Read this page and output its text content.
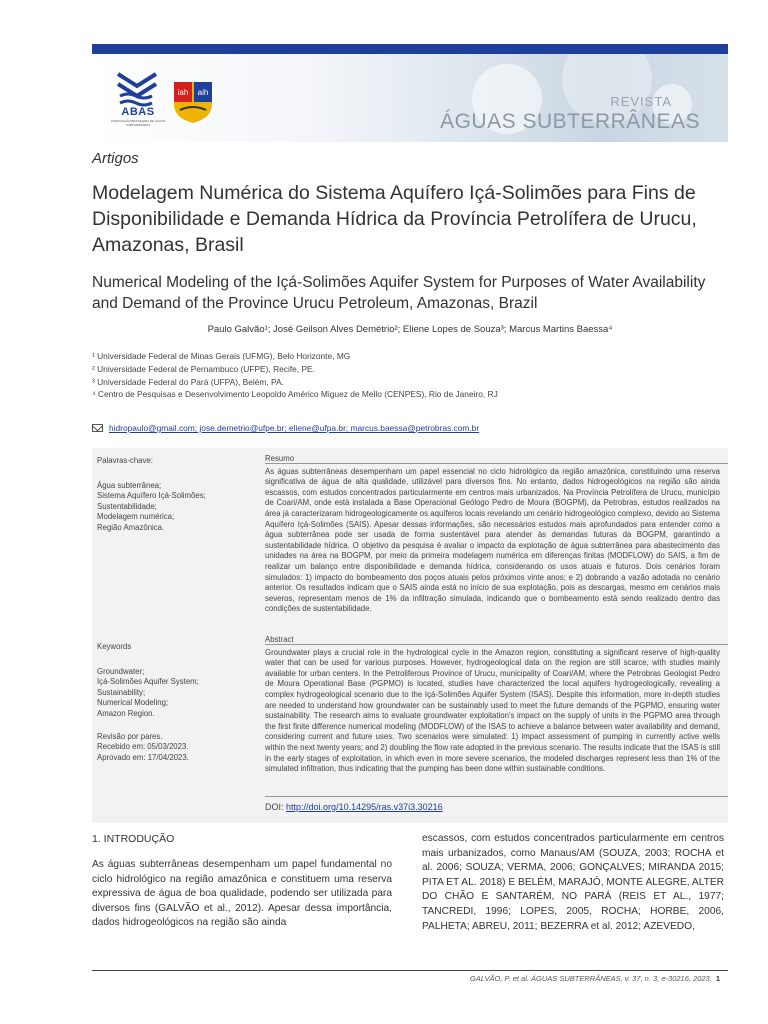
ABAS
ASSOCIAÇÃO BRASILEIRA DE ÁGUAS SUBTERRÂNEAS
iah aih
REVISTA
ÁGUAS SUBTERRÂNEAS
Artigos
Modelagem Numérica do Sistema Aquífero Içá-Solimões para Fins de Disponibilidade e Demanda Hídrica da Província Petrolífera de Urucu, Amazonas, Brasil
Numerical Modeling of the Içá-Solimões Aquifer System for Purposes of Water Availability and Demand of the Province Urucu Petroleum, Amazonas, Brazil
Paulo Galvão¹; José Geilson Alves Demétrio²; Eliene Lopes de Souza³; Marcus Martins Baessa⁴
¹ Universidade Federal de Minas Gerais (UFMG), Belo Horizonte, MG
² Universidade Federal de Pernambuco (UFPE), Recife, PE.
³ Universidade Federal do Pará (UFPA), Belém, PA.
⁴ Centro de Pesquisas e Desenvolvimento Leopoldo Américo Miguez de Mello (CENPES), Rio de Janeiro, RJ
hidropaulo@gmail.com; jose.demetrio@ufpe.br; eliene@ufpa.br; marcus.baessa@petrobras.com.br
Palavras-chave:
Água subterrânea;
Sistema Aquífero Içá-Solimões;
Sustentabilidade;
Modelagem numérica;
Região Amazônica.
Resumo
As águas subterrâneas desempenham um papel essencial no ciclo hidrológico da região amazônica, constituindo uma reserva significativa de água de alta qualidade, utilizável para diversos fins. No entanto, dados hidrogeológicos na região são ainda escassos, com estudos concentrados particularmente em centros mais urbanizados. Na Província Petrolífera de Urucu, município de Coari/AM, onde está instalada a Base Operacional Geólogo Pedro de Moura (BOGPM), da Petrobras, estudos realizados na área já caracterizaram hidrogeologicamente os aquíferos locais revelando um cenário hidrogeológico complexo, devido ao Sistema Aquífero Içá-Solimões (SAIS). Apesar dessas informações, são necessários estudos mais aprofundados para entender como a água subterrânea pode ser usada de forma sustentável para atender às demandas futuras da BOGPM, garantindo a sustentabilidade hídrica. O objetivo da pesquisa é avaliar o impacto da explotação de água subterrânea para abastecimento das unidades na área na BOGPM, por meio da primeira modelagem numérica em diferenças finitas (MODFLOW) do SAIS, a fim de realizar um balanço entre disponibilidade e demanda hídrica, considerando os usos atuais e futuros. Dois cenários foram simulados: 1) impacto do bombeamento dos poços atuais pelos próximos vinte anos; e 2) dobrando a vazão adotada no cenário anterior. Os resultados indicam que o SAIS ainda está no início de sua explotação, pois as descargas, mesmo em cenários mais severos, representam menos de 1% da infiltração simulada, indicando que o bombeamento está sendo realizado dentro das condições de sustentabilidade.
Keywords
Groundwater;
Içá-Solimões Aquifer System;
Sustainability;
Numerical Modeling;
Amazon Region.
Revisão por pares.
Recebido em: 05/03/2023.
Aprovado em: 17/04/2023.
Abstract
Groundwater plays a crucial role in the hydrological cycle in the Amazon region, constituting a significant reserve of high-quality water that can be used for various purposes. However, hydrogeological data on the region are still scarce, with studies mainly available for urban centers. In the Petroliferous Province of Urucu, municipality of Coari/AM, where the Petrobras Geologist Pedro de Moura Operational Base (PGPMO) is located, studies have characterized the local aquifers hydrogeologically, revealing a complex hydrogeological scenario due to the Içá-Solimões Aquifer System (ISAS). Despite this information, more in-depth studies are needed to understand how groundwater can be sustainably used to meet the future demands of the PGPMO, ensuring water sustainability. The research aims to evaluate groundwater exploitation's impact on the supply of units in the PGPMO area through the first finite difference numerical modeling (MODFLOW) of the ISAS to achieve a balance between water availability and demand, considering current and future uses. Two scenarios were simulated: 1) impact assessment of pumping in currently active wells within the next twenty years; and 2) doubling the flow rate adopted in the previous scenario. The results indicate that the ISAS is still in the early stages of exploitation, in which even in more severe scenarios, the modeled discharges represent less than 1% of the simulated infiltration, thus indicating that the pumping has been done within sustainable conditions.
DOI: http://doi.org/10.14295/ras.v37i3.30216
1. INTRODUÇÃO
As águas subterrâneas desempenham um papel fundamental no ciclo hidrológico na região amazônica e constituem uma reserva expressiva de água de boa qualidade, podendo ser utilizada para diversos fins (GALVÃO et al., 2012). Apesar dessa importância, dados hidrogeológicos na região são ainda
escassos, com estudos concentrados particularmente em centros mais urbanizados, como Manaus/AM (SOUZA, 2003; ROCHA et al. 2006; SOUZA; VERMA, 2006; GONÇALVES; MIRANDA 2015; PITA ET AL. 2018) E BELÉM, MARAJÓ, MONTE ALEGRE, ALTER DO CHÃO E SANTARÉM, NO PARÁ (REIS ET AL., 1977; TANCREDI, 1996; LOPES, 2005, ROCHA; HORBE, 2006, PALHETA; ABREU, 2011; BEZERRA et al. 2012; AZEVEDO,
GALVÃO, P. et al. ÁGUAS SUBTERRÂNEAS, v. 37, n. 3, e-30216, 2023. 1
